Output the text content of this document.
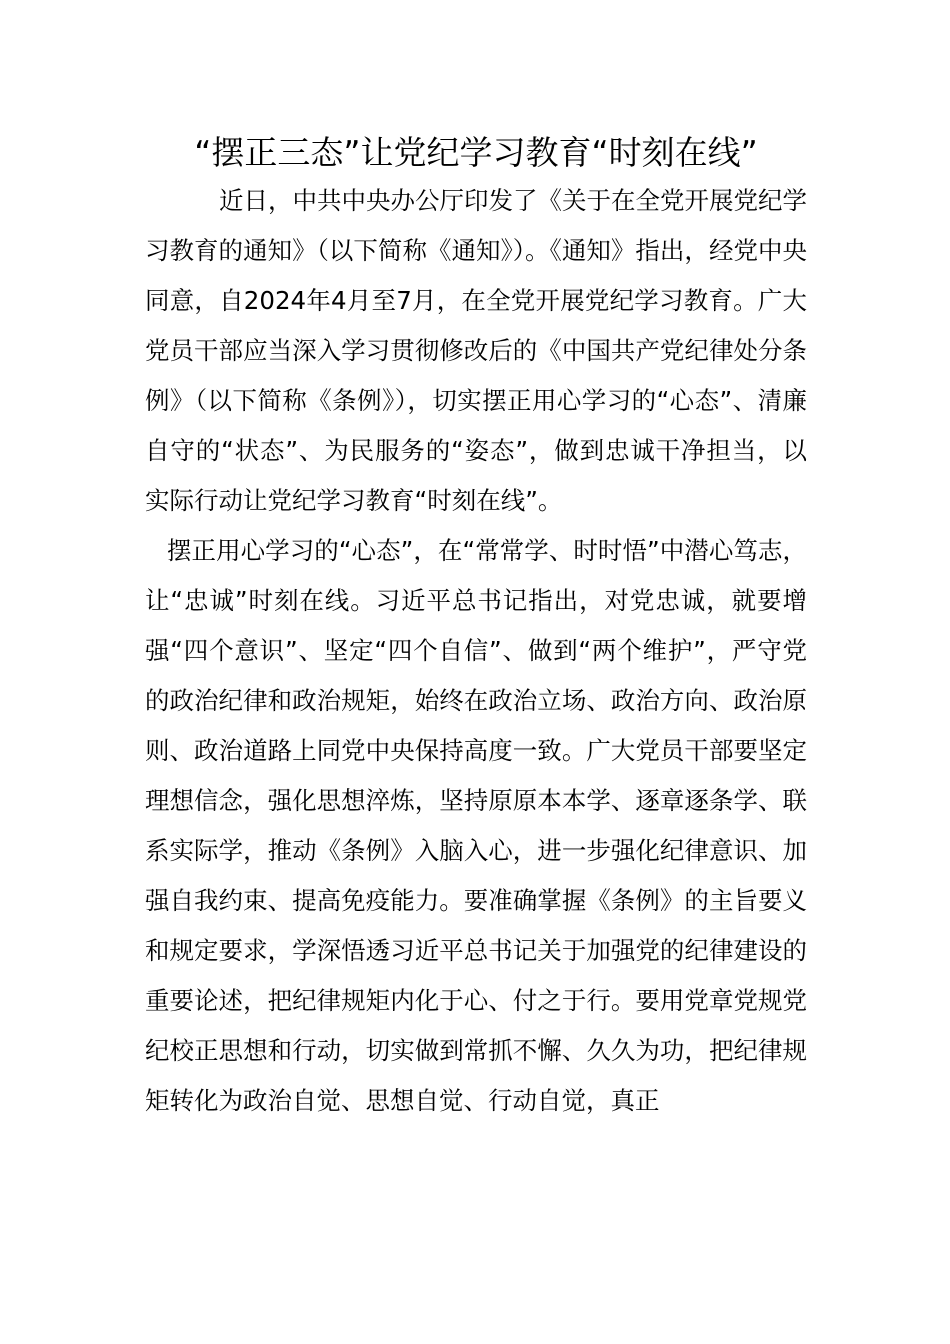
“摆正三态”让党纪学习教育“时刻在线”

近日，中共中央办公厅印发了《关于在全党开展党纪学习教育的通知》（以下简称《通知》）。《通知》指出，经党中央同意，自2024年4月至7月，在全党开展党纪学习教育。广大党员干部应当深入学习贯彻修改后的《中国共产党纪律处分条例》（以下简称《条例》），切实摆正用心学习的“心态”、清廉自守的“状态”、为民服务的“姿态”，做到忠诚干净担当，以实际行动让党纪学习教育“时刻在线”。

摆正用心学习的“心态”，在“常常学、时时悟”中潜心笃志，让“忠诚”时刻在线。习近平总书记指出，对党忠诚，就要增强“四个意识”、坚定“四个自信”、做到“两个维护”，严守党的政治纪律和政治规矩，始终在政治立场、政治方向、政治原则、政治道路上同党中央保持高度一致。广大党员干部要坚定理想信念，强化思想淬炼，坚持原原本本学、逐章逐条学、联系实际学，推动《条例》入脑入心，进一步强化纪律意识、加强自我约束、提高免疫能力。要准确掌握《条例》的主旨要义和规定要求，学深悟透习近平总书记关于加强党的纪律建设的重要论述，把纪律规矩内化于心、付之于行。要用党章党规党纪校正思想和行动，切实做到常抓不懈、久久为功，把纪律规矩转化为政治自觉、思想自觉、行动自觉，真正
